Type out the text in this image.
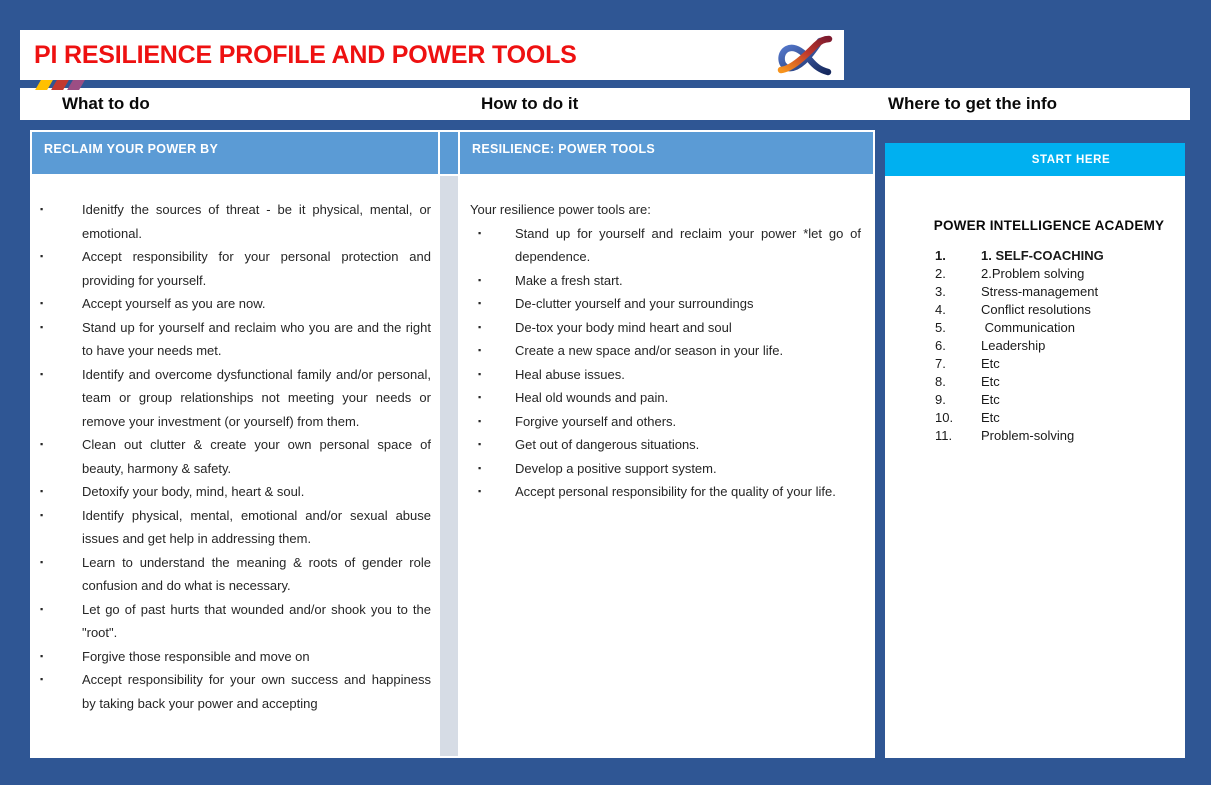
PI RESILIENCE PROFILE AND POWER TOOLS
What to do	How to do it	Where to get the info
RECLAIM YOUR POWER BY	RESILIENCE: POWER TOOLS
▪	Idenitfy the sources of threat - be it physical, mental, or emotional.
▪	Accept responsibility for your personal protection and providing for yourself.
▪	Accept yourself as you are now.
▪	Stand up for yourself and reclaim who you are and the right to have your needs met.
▪	Identify and overcome dysfunctional family and/or personal, team or group relationships not meeting your needs or remove your investment (or yourself) from them.
▪	Clean out clutter & create your own personal space of beauty, harmony & safety.
▪	Detoxify your body, mind, heart & soul.
▪	Identify physical, mental, emotional and/or sexual abuse issues and get help in addressing them.
▪	Learn to understand the meaning & roots of gender role confusion and do what is necessary.
▪	Let go of past hurts that wounded and/or shook you to the "root".
▪	Forgive those responsible and move on
▪	Accept responsibility for your own success and happiness by taking back your power and accepting
Your resilience power tools are:
▪	Stand up for yourself and reclaim your power *let go of dependence.
▪	Make a fresh start.
▪	De-clutter yourself and your surroundings
▪	De-tox your body mind heart and soul
▪	Create a new space and/or season in your life.
▪	Heal abuse issues.
▪	Heal old wounds and pain.
▪	Forgive yourself and others.
▪	Get out of dangerous situations.
▪	Develop a positive support system.
▪	Accept personal responsibility for the quality of your life.
START HERE
POWER INTELLIGENCE ACADEMY
1.	1. SELF-COACHING
2.	2.Problem solving
3.	Stress-management
4.	Conflict resolutions
5.	Communication
6.	Leadership
7.	Etc
8.	Etc
9.	Etc
10.	Etc
11.	Problem-solving
